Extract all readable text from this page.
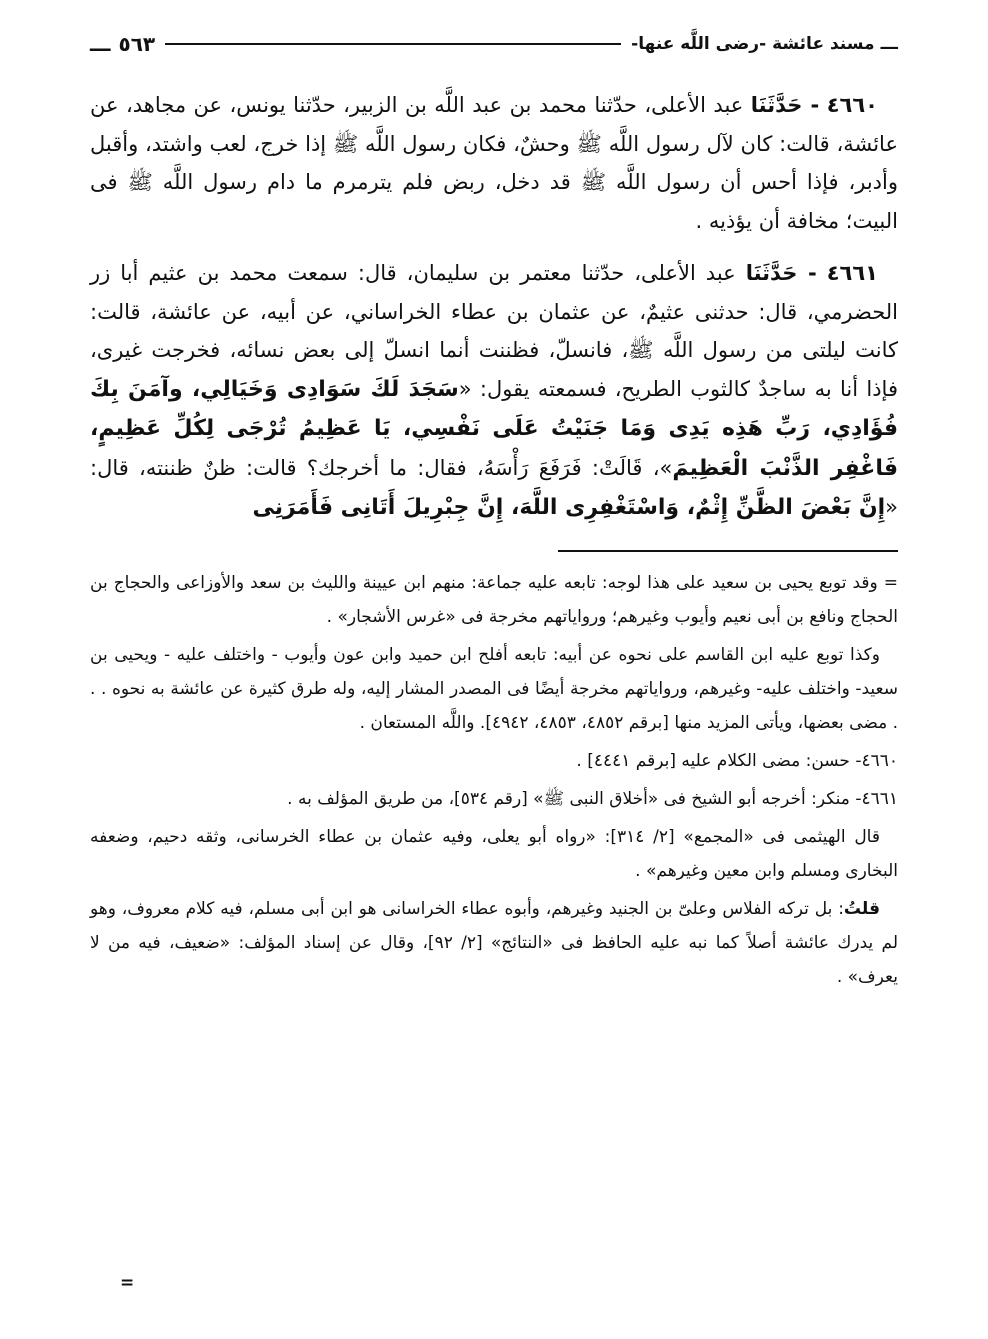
ـــ
مسند عائشة -رضى اللَّه عنها-
٥٦٣
ـــ

٤٦٦٠ - حَدَّثَنَا عبد الأعلى، حدّثنا محمد بن عبد اللَّه بن الزبير، حدّثنا يونس، عن مجاهد، عن عائشة، قالت: كان لآل رسول اللَّه ﷺ وحشٌ، فكان رسول اللَّه ﷺ إذا خرج، لعب واشتد، وأقبل وأدبر، فإذا أحس أن رسول اللَّه ﷺ قد دخل، ربض فلم يترمرم ما دام رسول اللَّه ﷺ فى البيت؛ مخافة أن يؤذيه .

٤٦٦١ - حَدَّثَنَا عبد الأعلى، حدّثنا معتمر بن سليمان، قال: سمعت محمد بن عثيم أبا زر الحضرمي، قال: حدثنى عثيمٌ، عن عثمان بن عطاء الخراساني، عن أبيه، عن عائشة، قالت: كانت ليلتى من رسول اللَّه ﷺ، فانسلّ، فظننت أنما انسلّ إلى بعض نسائه، فخرجت غيرى، فإذا أنا به ساجدٌ كالثوب الطريح، فسمعته يقول: «سَجَدَ لَكَ سَوَادِى وَخَيَالِي، وآمَنَ بِكَ فُؤَادِي، رَبِّ هَذِه يَدِى وَمَا جَنَيْتُ عَلَى نَفْسِي، يَا عَظِيمُ تُرْجَى لِكُلِّ عَظِيمٍ، فَاغْفِر الذَّنْبَ الْعَظِيمَ»، قَالَتْ: فَرَفَعَ رَأْسَهُ، فقال: ما أخرجك؟ قالت: ظنٌ ظننته، قال: «إِنَّ بَعْضَ الظَّنِّ إِثْمٌ، وَاسْتَغْفِرِى اللَّهَ، إِنَّ جِبْرِيلَ أَتَانِى فَأَمَرَنِى

= وقد توبع يحيى بن سعيد على هذا لوجه: تابعه عليه جماعة: منهم ابن عيينة والليث بن سعد والأوزاعى والحجاج بن الحجاج ونافع بن أبى نعيم وأيوب وغيرهم؛ ورواياتهم مخرجة فى «غرس الأشجار» .

وكذا توبع عليه ابن القاسم على نحوه عن أبيه: تابعه أفلح ابن حميد وابن عون وأيوب - واختلف عليه - ويحيى بن سعيد- واختلف عليه- وغيرهم، ورواياتهم مخرجة أيضًا فى المصدر المشار إليه، وله طرق كثيرة عن عائشة به نحوه . . . مضى بعضها، ويأتى المزيد منها [برقم ٤٨٥٢، ٤٨٥٣، ٤٩٤٢]. واللَّه المستعان .

٤٦٦٠- حسن: مضى الكلام عليه [برقم ٤٤٤١] .

٤٦٦١- منكر: أخرجه أبو الشيخ فى «أخلاق النبى ﷺ» [رقم ٥٣٤]، من طريق المؤلف به .

قال الهيثمى فى «المجمع» [٢/ ٣١٤]: «رواه أبو يعلى، وفيه عثمان بن عطاء الخرسانى، وثقه دحيم، وضعفه البخارى ومسلم وابن معين وغيرهم» .

قلتُ: بل تركه الفلاس وعلىّ بن الجنيد وغيرهم، وأبوه عطاء الخراسانى هو ابن أبى مسلم، فيه كلام معروف، وهو لم يدرك عائشة أصلاً كما نبه عليه الحافظ فى «النتائج» [٢/ ٩٢]، وقال عن إسناد المؤلف: «ضعيف، فيه من لا يعرف» .

=
